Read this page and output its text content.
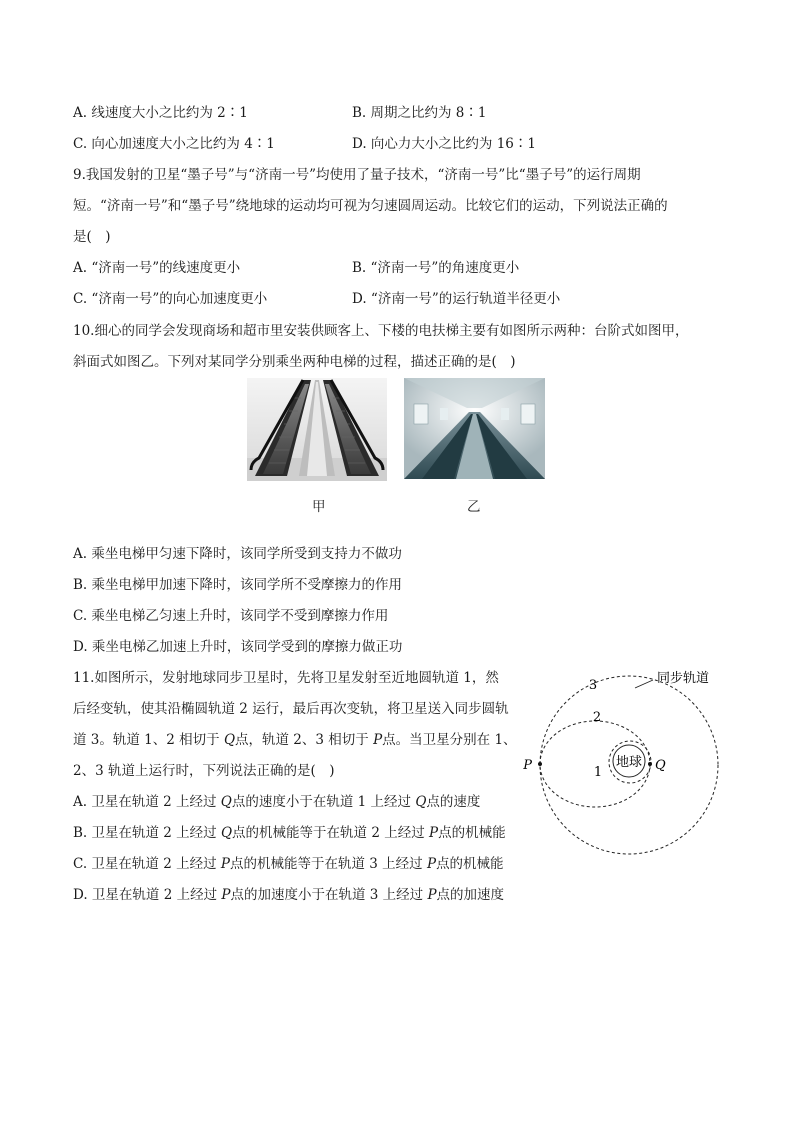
A. 线速度大小之比约为 2∶1	B. 周期之比约为 8∶1
C. 向心加速度大小之比约为 4∶1	D. 向心力大小之比约为 16∶1
9.我国发射的卫星“墨子号”与“济南一号”均使用了量子技术，“济南一号”比“墨子号”的运行周期
短。“济南一号”和“墨子号”绕地球的运动均可视为匀速圆周运动。比较它们的运动，下列说法正确的
是(　)
A. “济南一号”的线速度更小	B. “济南一号”的角速度更小
C. “济南一号”的向心加速度更小	D. “济南一号”的运行轨道半径更小
10.细心的同学会发现商场和超市里安装供顾客上、下楼的电扶梯主要有如图所示两种：台阶式如图甲，
斜面式如图乙。下列对某同学分别乘坐两种电梯的过程，描述正确的是(　)
甲	乙
A. 乘坐电梯甲匀速下降时，该同学所受到支持力不做功
B. 乘坐电梯甲加速下降时，该同学所不受摩擦力的作用
C. 乘坐电梯乙匀速上升时，该同学不受到摩擦力作用
D. 乘坐电梯乙加速上升时，该同学受到的摩擦力做正功
11.如图所示，发射地球同步卫星时，先将卫星发射至近地圆轨道 1，然
后经变轨，使其沿椭圆轨道 2 运行，最后再次变轨，将卫星送入同步圆轨
道 3。轨道 1、2 相切于 Q点，轨道 2、3 相切于 P点。当卫星分别在 1、
2、3 轨道上运行时，下列说法正确的是(　)
A. 卫星在轨道 2 上经过 Q点的速度小于在轨道 1 上经过 Q点的速度
B. 卫星在轨道 2 上经过 Q点的机械能等于在轨道 2 上经过 P点的机械能
C. 卫星在轨道 2 上经过 P点的机械能等于在轨道 3 上经过 P点的机械能
D. 卫星在轨道 2 上经过 P点的加速度小于在轨道 3 上经过 P点的加速度
地球
P	Q
3
2
1
同步轨道
